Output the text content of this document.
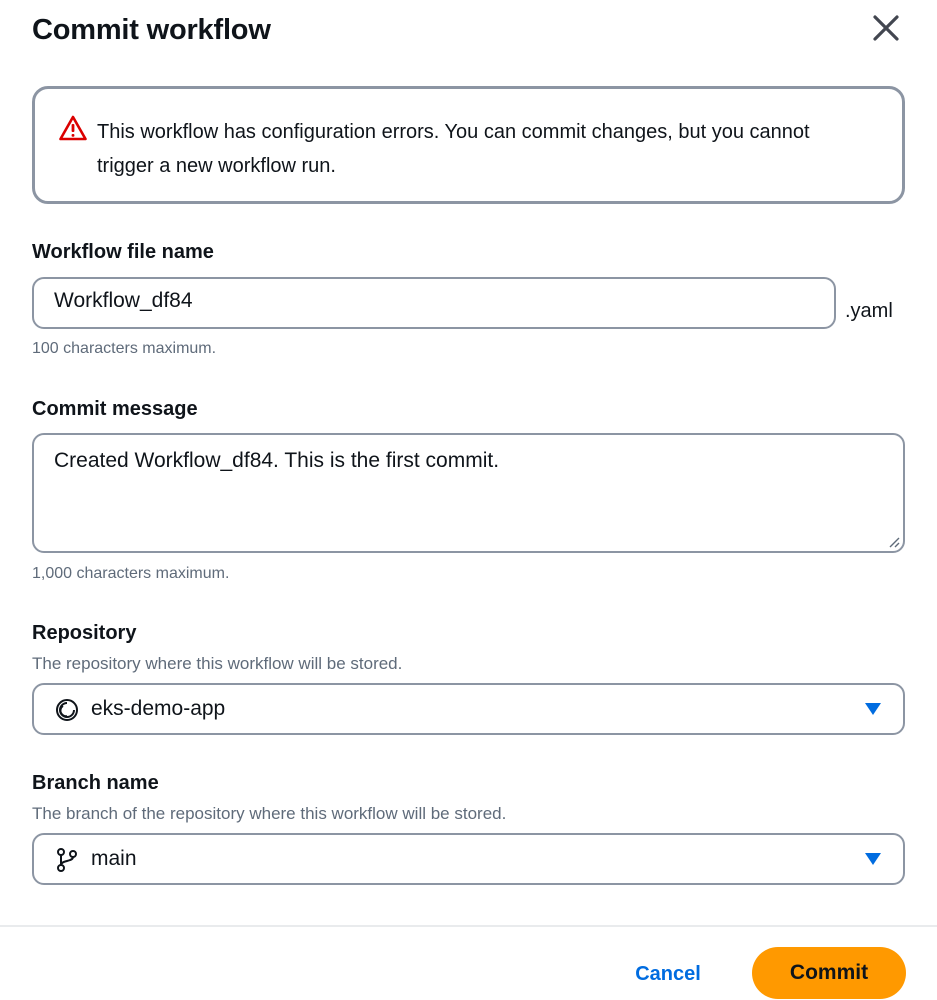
Commit workflow
This workflow has configuration errors. You can commit changes, but you cannot trigger a new workflow run.
Workflow file name
Workflow_df84	.yaml
100 characters maximum.
Commit message
Created Workflow_df84. This is the first commit.
1,000 characters maximum.
Repository
The repository where this workflow will be stored.
eks-demo-app
Branch name
The branch of the repository where this workflow will be stored.
main
Cancel	Commit
